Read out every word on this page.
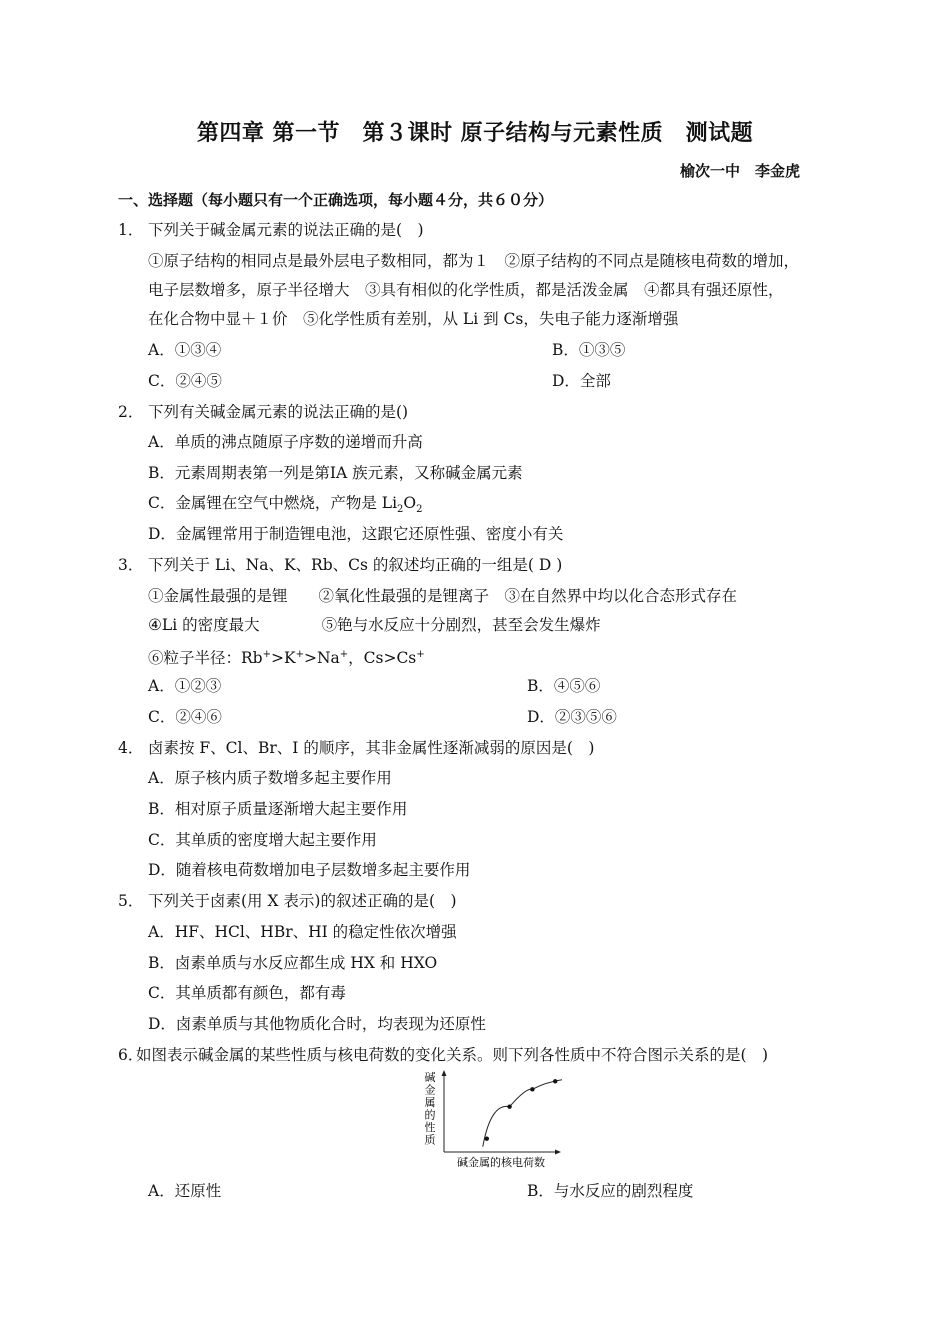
第四章 第一节　第３课时 原子结构与元素性质　测试题
榆次一中　李金虎
一、选择题（每小题只有一个正确选项，每小题４分，共６０分）
1． 下列关于碱金属元素的说法正确的是(　)
①原子结构的相同点是最外层电子数相同，都为１　②原子结构的不同点是随核电荷数的增加，
电子层数增多，原子半径增大　③具有相似的化学性质，都是活泼金属　④都具有强还原性，
在化合物中显＋１价　⑤化学性质有差别，从 Li 到 Cs，失电子能力逐渐增强
A．①③④	B．①③⑤
C．②④⑤	D．全部
2． 下列有关碱金属元素的说法正确的是()
A．单质的沸点随原子序数的递增而升高
B．元素周期表第一列是第ⅠA 族元素，又称碱金属元素
C．金属锂在空气中燃烧，产物是 $Li_2O_2$
D．金属锂常用于制造锂电池，这跟它还原性强、密度小有关
3． 下列关于 Li、Na、K、Rb、Cs 的叙述均正确的一组是( D )
①金属性最强的是锂　　②氧化性最强的是锂离子　③在自然界中均以化合态形式存在
④Li 的密度最大　　　　⑤铯与水反应十分剧烈，甚至会发生爆炸
⑥粒子半径：Rb+>K+>Na+，Cs>Cs+
A．①②③	B．④⑤⑥
C．②④⑥	D．②③⑤⑥
4． 卤素按 F、Cl、Br、I 的顺序，其非金属性逐渐减弱的原因是(　)
A．原子核内质子数增多起主要作用
B．相对原子质量逐渐增大起主要作用
C．其单质的密度增大起主要作用
D．随着核电荷数增加电子层数增多起主要作用
5． 下列关于卤素(用 X 表示)的叙述正确的是(　)
A．HF、HCl、HBr、HI 的稳定性依次增强
B．卤素单质与水反应都生成 HX 和 HXO
C．其单质都有颜色，都有毒
D．卤素单质与其他物质化合时，均表现为还原性
6．
如图表示碱金属的某些性质与核电荷数的变化关系。则下列各性质中不符合图示关系的是(　)
碱
金
属
的
性
质
碱金属的核电荷数
A．还原性	B．与水反应的剧烈程度
